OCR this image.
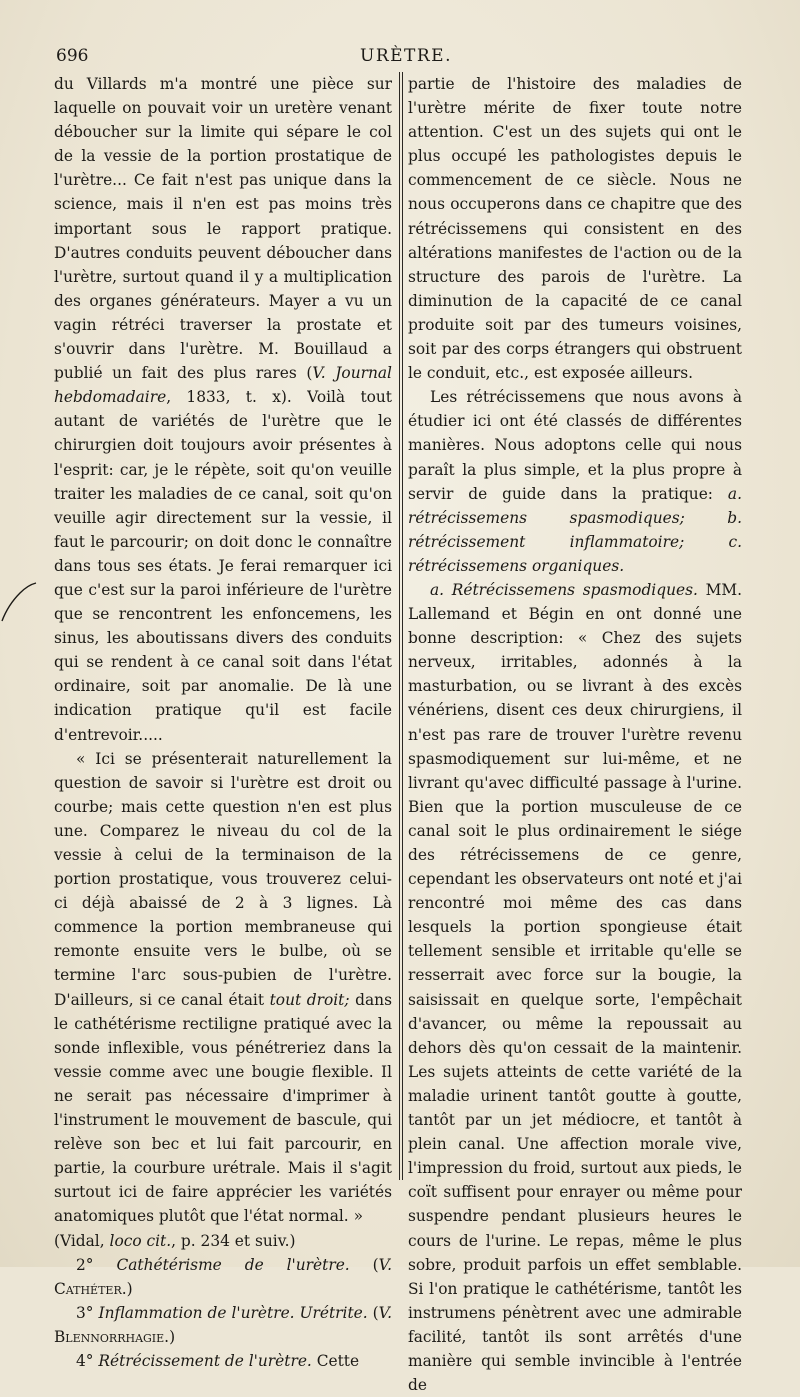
696	URÈTRE.

du Villards m'a montré une pièce sur laquelle on pouvait voir un uretère venant déboucher sur la limite qui sépare le col de la vessie de la portion prostatique de l'urètre... Ce fait n'est pas unique dans la science, mais il n'en est pas moins très important sous le rapport pratique. D'autres conduits peuvent déboucher dans l'urètre, surtout quand il y a multiplication des organes générateurs. Mayer a vu un vagin rétréci traverser la prostate et s'ouvrir dans l'urètre. M. Bouillaud a publié un fait des plus rares (V. Journal hebdomadaire, 1833, t. x). Voilà tout autant de variétés de l'urètre que le chirurgien doit toujours avoir présentes à l'esprit: car, je le répète, soit qu'on veuille traiter les maladies de ce canal, soit qu'on veuille agir directement sur la vessie, il faut le parcourir; on doit donc le connaître dans tous ses états. Je ferai remarquer ici que c'est sur la paroi inférieure de l'urètre que se rencontrent les enfoncemens, les sinus, les aboutissans divers des conduits qui se rendent à ce canal soit dans l'état ordinaire, soit par anomalie. De là une indication pratique qu'il est facile d'entrevoir.....

« Ici se présenterait naturellement la question de savoir si l'urètre est droit ou courbe; mais cette question n'en est plus une. Comparez le niveau du col de la vessie à celui de la terminaison de la portion prostatique, vous trouverez celui-ci déjà abaissé de 2 à 3 lignes. Là commence la portion membraneuse qui remonte ensuite vers le bulbe, où se termine l'arc sous-pubien de l'urètre. D'ailleurs, si ce canal était tout droit; dans le cathétérisme rectiligne pratiqué avec la sonde inflexible, vous pénétreriez dans la vessie comme avec une bougie flexible. Il ne serait pas nécessaire d'imprimer à l'instrument le mouvement de bascule, qui relève son bec et lui fait parcourir, en partie, la courbure urétrale. Mais il s'agit surtout ici de faire apprécier les variétés anatomiques plutôt que l'état normal. »

(Vidal, loco cit., p. 234 et suiv.)

2° Cathétérisme de l'urètre. (V. Cathéter.)

3° Inflammation de l'urètre. Urétrite. (V. Blennorrhagie.)

4° Rétrécissement de l'urètre. Cette

partie de l'histoire des maladies de l'urètre mérite de fixer toute notre attention. C'est un des sujets qui ont le plus occupé les pathologistes depuis le commencement de ce siècle. Nous ne nous occuperons dans ce chapitre que des rétrécissemens qui consistent en des altérations manifestes de l'action ou de la structure des parois de l'urètre. La diminution de la capacité de ce canal produite soit par des tumeurs voisines, soit par des corps étrangers qui obstruent le conduit, etc., est exposée ailleurs.

Les rétrécissemens que nous avons à étudier ici ont été classés de différentes manières. Nous adoptons celle qui nous paraît la plus simple, et la plus propre à servir de guide dans la pratique: a. rétrécissemens spasmodiques; b. rétrécissement inflammatoire; c. rétrécissemens organiques.

a. Rétrécissemens spasmodiques. MM. Lallemand et Bégin en ont donné une bonne description: « Chez des sujets nerveux, irritables, adonnés à la masturbation, ou se livrant à des excès vénériens, disent ces deux chirurgiens, il n'est pas rare de trouver l'urètre revenu spasmodiquement sur lui-même, et ne livrant qu'avec difficulté passage à l'urine. Bien que la portion musculeuse de ce canal soit le plus ordinairement le siége des rétrécissemens de ce genre, cependant les observateurs ont noté et j'ai rencontré moi même des cas dans lesquels la portion spongieuse était tellement sensible et irritable qu'elle se resserrait avec force sur la bougie, la saisissait en quelque sorte, l'empêchait d'avancer, ou même la repoussait au dehors dès qu'on cessait de la maintenir. Les sujets atteints de cette variété de la maladie urinent tantôt goutte à goutte, tantôt par un jet médiocre, et tantôt à plein canal. Une affection morale vive, l'impression du froid, surtout aux pieds, le coït suffisent pour enrayer ou même pour suspendre pendant plusieurs heures le cours de l'urine. Le repas, même le plus sobre, produit parfois un effet semblable. Si l'on pratique le cathétérisme, tantôt les instrumens pénètrent avec une admirable facilité, tantôt ils sont arrêtés d'une manière qui semble invincible à l'entrée de
